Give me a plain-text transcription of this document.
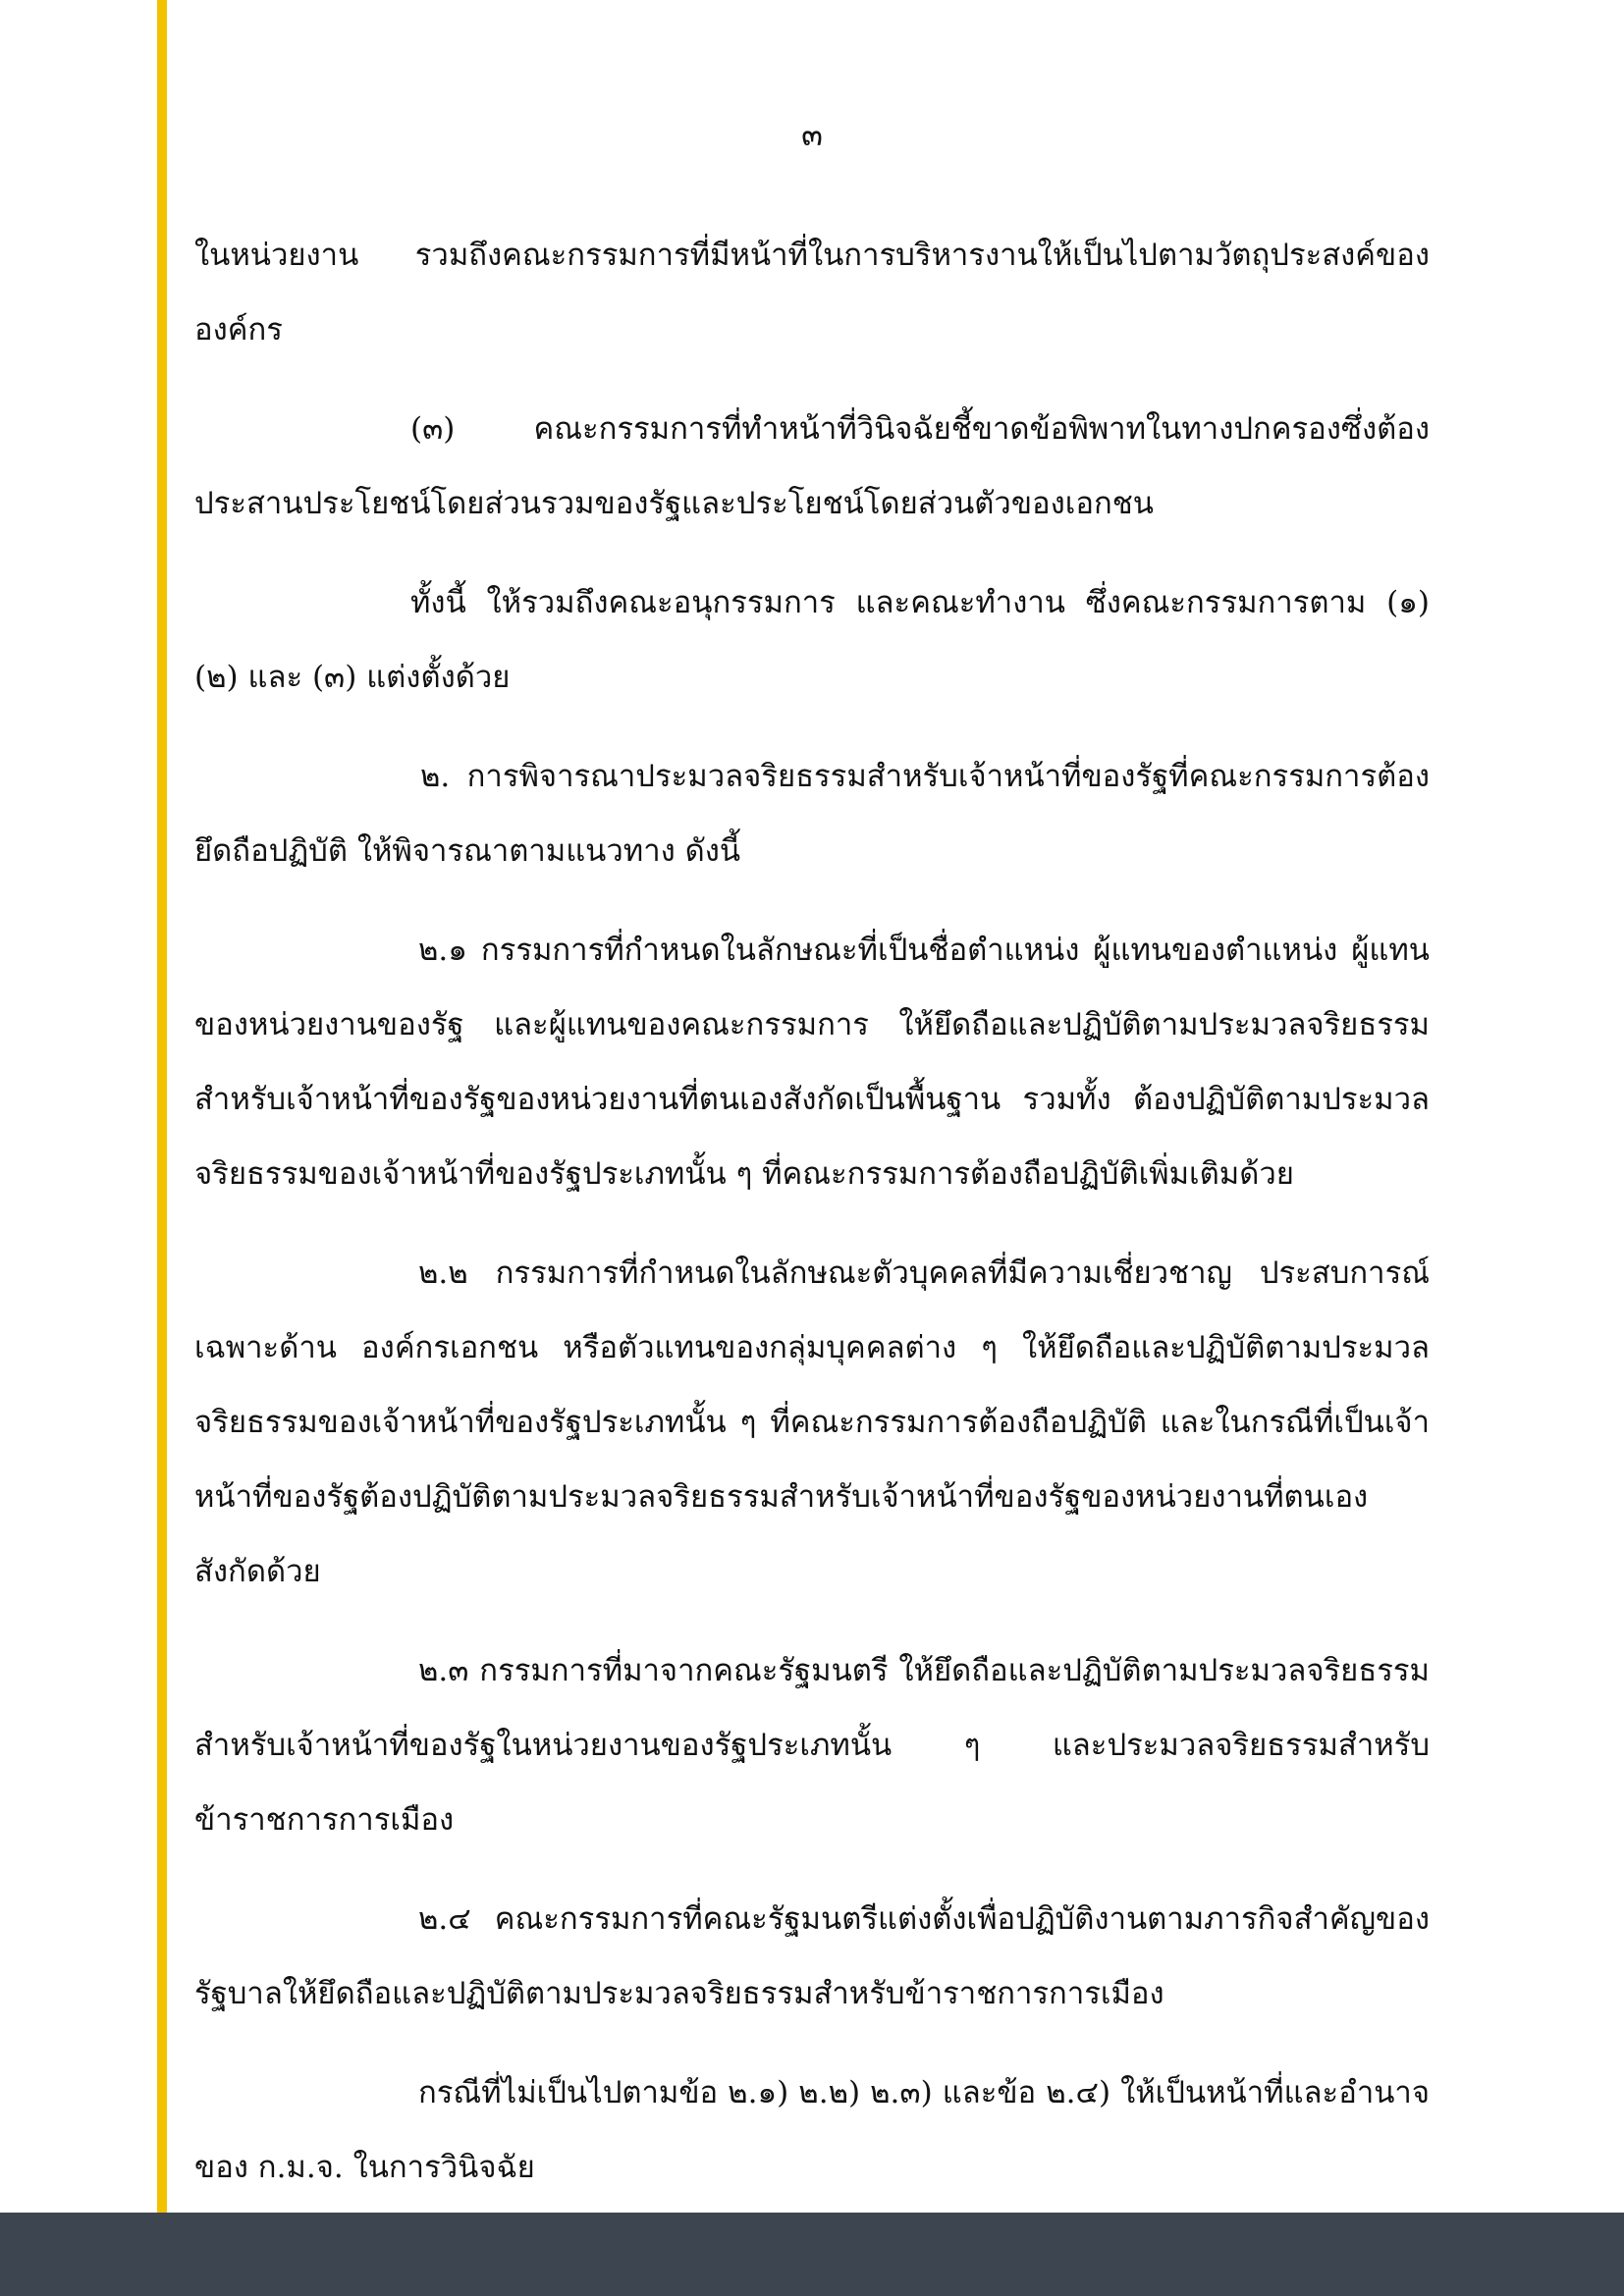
๓

ในหน่วยงาน รวมถึงคณะกรรมการที่มีหน้าที่ในการบริหารงานให้เป็นไปตามวัตถุประสงค์ขององค์กร

(๓) คณะกรรมการที่ทำหน้าที่วินิจฉัยชี้ขาดข้อพิพาทในทางปกครองซึ่งต้องประสานประโยชน์โดยส่วนรวมของรัฐและประโยชน์โดยส่วนตัวของเอกชน

ทั้งนี้ ให้รวมถึงคณะอนุกรรมการ และคณะทำงาน ซึ่งคณะกรรมการตาม (๑) (๒) และ (๓) แต่งตั้งด้วย

๒. การพิจารณาประมวลจริยธรรมสำหรับเจ้าหน้าที่ของรัฐที่คณะกรรมการต้องยึดถือปฏิบัติ ให้พิจารณาตามแนวทาง ดังนี้

๒.๑ กรรมการที่กำหนดในลักษณะที่เป็นชื่อตำแหน่ง ผู้แทนของตำแหน่ง ผู้แทนของหน่วยงานของรัฐ และผู้แทนของคณะกรรมการ ให้ยึดถือและปฏิบัติตามประมวลจริยธรรมสำหรับเจ้าหน้าที่ของรัฐของหน่วยงานที่ตนเองสังกัดเป็นพื้นฐาน รวมทั้ง ต้องปฏิบัติตามประมวลจริยธรรมของเจ้าหน้าที่ของรัฐประเภทนั้น ๆ ที่คณะกรรมการต้องถือปฏิบัติเพิ่มเติมด้วย

๒.๒ กรรมการที่กำหนดในลักษณะตัวบุคคลที่มีความเชี่ยวชาญ ประสบการณ์เฉพาะด้าน องค์กรเอกชน หรือตัวแทนของกลุ่มบุคคลต่าง ๆ ให้ยึดถือและปฏิบัติตามประมวลจริยธรรมของเจ้าหน้าที่ของรัฐประเภทนั้น ๆ ที่คณะกรรมการต้องถือปฏิบัติ และในกรณีที่เป็นเจ้าหน้าที่ของรัฐต้องปฏิบัติตามประมวลจริยธรรมสำหรับเจ้าหน้าที่ของรัฐของหน่วยงานที่ตนเองสังกัดด้วย

๒.๓ กรรมการที่มาจากคณะรัฐมนตรี ให้ยึดถือและปฏิบัติตามประมวลจริยธรรมสำหรับเจ้าหน้าที่ของรัฐในหน่วยงานของรัฐประเภทนั้น ๆ และประมวลจริยธรรมสำหรับข้าราชการการเมือง

๒.๔ คณะกรรมการที่คณะรัฐมนตรีแต่งตั้งเพื่อปฏิบัติงานตามภารกิจสำคัญของรัฐบาลให้ยึดถือและปฏิบัติตามประมวลจริยธรรมสำหรับข้าราชการการเมือง

กรณีที่ไม่เป็นไปตามข้อ ๒.๑) ๒.๒) ๒.๓) และข้อ ๒.๔) ให้เป็นหน้าที่และอำนาจของ ก.ม.จ. ในการวินิจฉัย
